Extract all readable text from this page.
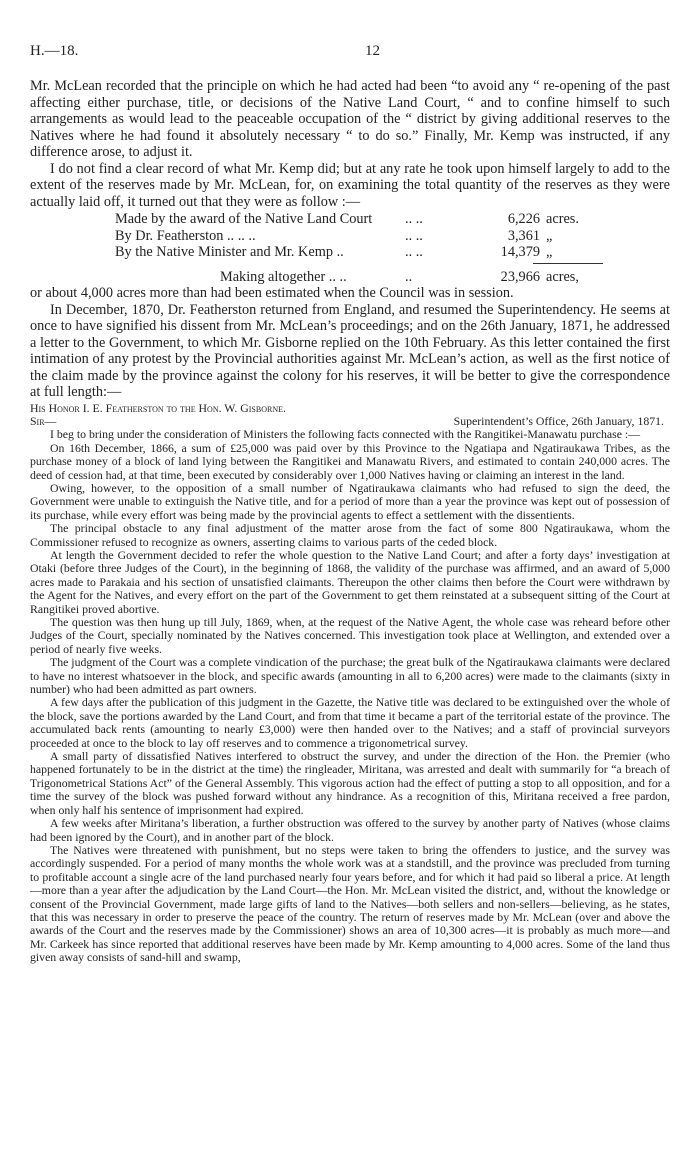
H.—18.	12

Mr. McLean recorded that the principle on which he had acted had been “to avoid any “ re-opening of the past affecting either purchase, title, or decisions of the Native Land Court, “ and to confine himself to such arrangements as would lead to the peaceable occupation of the “ district by giving additional reserves to the Natives where he had found it absolutely necessary “ to do so.” Finally, Mr. Kemp was instructed, if any difference arose, to adjust it.

I do not find a clear record of what Mr. Kemp did; but at any rate he took upon himself largely to add to the extent of the reserves made by Mr. McLean, for, on examining the total quantity of the reserves as they were actually laid off, it turned out that they were as follow :—

Made by the award of the Native Land Court	.. ..	6,226 acres.
By Dr. Featherston .. .. ..	.. ..	3,361 „
By the Native Minister and Mr. Kemp ..	.. ..	14,379 „
Making altogether .. ..	..	23,966 acres,

or about 4,000 acres more than had been estimated when the Council was in session.

In December, 1870, Dr. Featherston returned from England, and resumed the Superintendency. He seems at once to have signified his dissent from Mr. McLean’s proceedings; and on the 26th January, 1871, he addressed a letter to the Government, to which Mr. Gisborne replied on the 10th February. As this letter contained the first intimation of any protest by the Provincial authorities against Mr. McLean’s action, as well as the first notice of the claim made by the province against the colony for his reserves, it will be better to give the correspondence at full length:—

His Honor I. E. Featherston to the Hon. W. Gisborne.

Sir—	Superintendent’s Office, 26th January, 1871.

I beg to bring under the consideration of Ministers the following facts connected with the Rangitikei-Manawatu purchase :—

On 16th December, 1866, a sum of £25,000 was paid over by this Province to the Ngatiapa and Ngatiraukawa Tribes, as the purchase money of a block of land lying between the Rangitikei and Manawatu Rivers, and estimated to contain 240,000 acres. The deed of cession had, at that time, been executed by considerably over 1,000 Natives having or claiming an interest in the land.

Owing, however, to the opposition of a small number of Ngatiraukawa claimants who had refused to sign the deed, the Government were unable to extinguish the Native title, and for a period of more than a year the province was kept out of possession of its purchase, while every effort was being made by the provincial agents to effect a settlement with the dissentients.

The principal obstacle to any final adjustment of the matter arose from the fact of some 800 Ngatiraukawa, whom the Commissioner refused to recognize as owners, asserting claims to various parts of the ceded block.

At length the Government decided to refer the whole question to the Native Land Court; and after a forty days’ investigation at Otaki (before three Judges of the Court), in the beginning of 1868, the validity of the purchase was affirmed, and an award of 5,000 acres made to Parakaia and his section of unsatisfied claimants. Thereupon the other claims then before the Court were withdrawn by the Agent for the Natives, and every effort on the part of the Government to get them reinstated at a subsequent sitting of the Court at Rangitikei proved abortive.

The question was then hung up till July, 1869, when, at the request of the Native Agent, the whole case was reheard before other Judges of the Court, specially nominated by the Natives concerned. This investigation took place at Wellington, and extended over a period of nearly five weeks.

The judgment of the Court was a complete vindication of the purchase; the great bulk of the Ngatiraukawa claimants were declared to have no interest whatsoever in the block, and specific awards (amounting in all to 6,200 acres) were made to the claimants (sixty in number) who had been admitted as part owners.

A few days after the publication of this judgment in the Gazette, the Native title was declared to be extinguished over the whole of the block, save the portions awarded by the Land Court, and from that time it became a part of the territorial estate of the province. The accumulated back rents (amounting to nearly £3,000) were then handed over to the Natives; and a staff of provincial surveyors proceeded at once to the block to lay off reserves and to commence a trigonometrical survey.

A small party of dissatisfied Natives interfered to obstruct the survey, and under the direction of the Hon. the Premier (who happened fortunately to be in the district at the time) the ringleader, Miritana, was arrested and dealt with summarily for “a breach of Trigonometrical Stations Act” of the General Assembly. This vigorous action had the effect of putting a stop to all opposition, and for a time the survey of the block was pushed forward without any hindrance. As a recognition of this, Miritana received a free pardon, when only half his sentence of imprisonment had expired.

A few weeks after Miritana’s liberation, a further obstruction was offered to the survey by another party of Natives (whose claims had been ignored by the Court), and in another part of the block.

The Natives were threatened with punishment, but no steps were taken to bring the offenders to justice, and the survey was accordingly suspended. For a period of many months the whole work was at a standstill, and the province was precluded from turning to profitable account a single acre of the land purchased nearly four years before, and for which it had paid so liberal a price. At length—more than a year after the adjudication by the Land Court—the Hon. Mr. McLean visited the district, and, without the knowledge or consent of the Provincial Government, made large gifts of land to the Natives—both sellers and non-sellers—believing, as he states, that this was necessary in order to preserve the peace of the country. The return of reserves made by Mr. McLean (over and above the awards of the Court and the reserves made by the Commissioner) shows an area of 10,300 acres—it is probably as much more—and Mr. Carkeek has since reported that additional reserves have been made by Mr. Kemp amounting to 4,000 acres. Some of the land thus given away consists of sand-hill and swamp,
